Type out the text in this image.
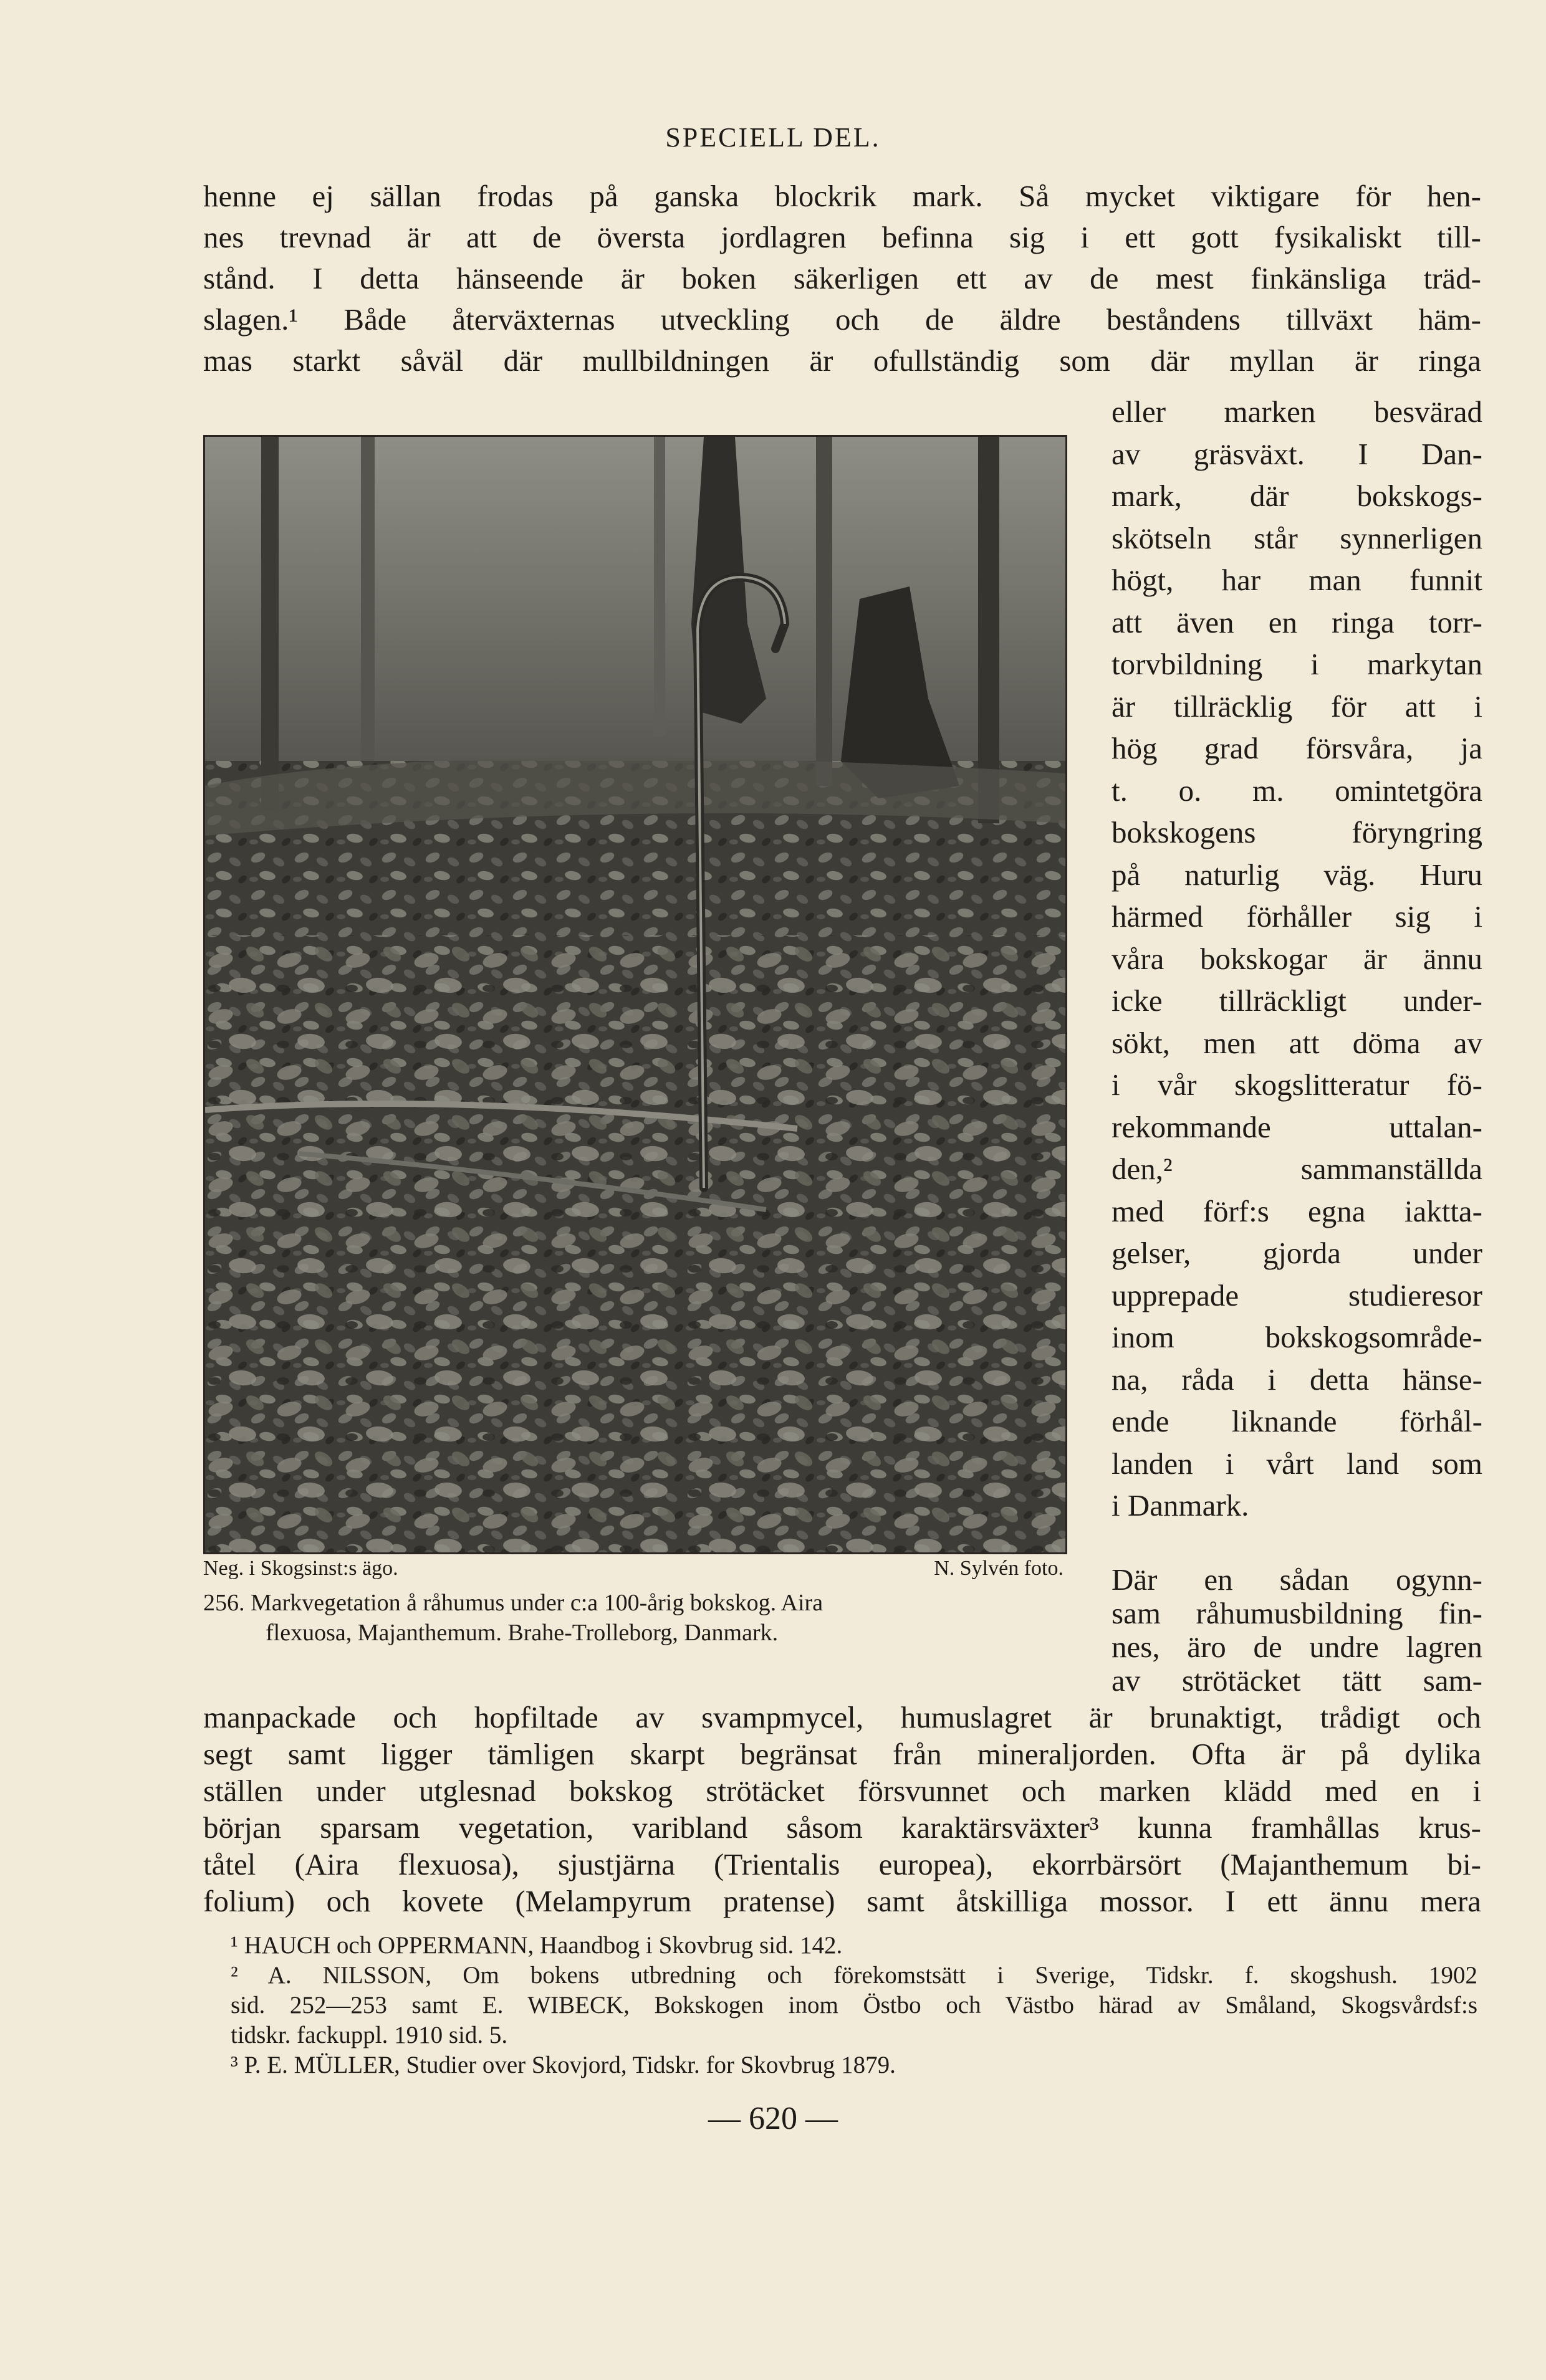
SPECIELL DEL.
henne ej sällan frodas på ganska blockrik mark. Så mycket viktigare för hen-
nes trevnad är att de översta jordlagren befinna sig i ett gott fysikaliskt till-
stånd. I detta hänseende är boken säkerligen ett av de mest finkänsliga träd-
slagen.¹ Både återväxternas utveckling och de äldre beståndens tillväxt häm-
mas starkt såväl där mullbildningen är ofullständig som där myllan är ringa
eller marken besvärad
av gräsväxt. I Dan-
mark, där bokskogs-
skötseln står synnerligen
högt, har man funnit
att även en ringa torr-
torvbildning i markytan
är tillräcklig för att i
hög grad försvåra, ja
t. o. m. omintetgöra
bokskogens föryngring
på naturlig väg. Huru
härmed förhåller sig i
våra bokskogar är ännu
icke tillräckligt under-
sökt, men att döma av
i vår skogslitteratur fö-
rekommande uttalan-
den,² sammanställda
med förf:s egna iaktta-
gelser, gjorda under
upprepade studieresor
inom bokskogsområde-
na, råda i detta hänse-
ende liknande förhål-
landen i vårt land som
i Danmark.
Neg. i Skogsinst:s ägo.	N. Sylvén foto.
256. Markvegetation å råhumus under c:a 100-årig bokskog. Aira
flexuosa, Majanthemum. Brahe-Trolleborg, Danmark.
Där en sådan ogynn-
sam råhumusbildning fin-
nes, äro de undre lagren
av strötäcket tätt sam-
manpackade och hopfiltade av svampmycel, humuslagret är brunaktigt, trådigt och
segt samt ligger tämligen skarpt begränsat från mineraljorden. Ofta är på dylika
ställen under utglesnad bokskog strötäcket försvunnet och marken klädd med en i
början sparsam vegetation, varibland såsom karaktärsväxter³ kunna framhållas krus-
tåtel (Aira flexuosa), sjustjärna (Trientalis europea), ekorrbärsört (Majanthemum bi-
folium) och kovete (Melampyrum pratense) samt åtskilliga mossor. I ett ännu mera
¹ HAUCH och OPPERMANN, Haandbog i Skovbrug sid. 142.
² A. NILSSON, Om bokens utbredning och förekomstsätt i Sverige, Tidskr. f. skogshush. 1902
sid. 252—253 samt E. WIBECK, Bokskogen inom Östbo och Västbo härad av Småland, Skogsvårdsf:s
tidskr. fackuppl. 1910 sid. 5.
³ P. E. MÜLLER, Studier over Skovjord, Tidskr. for Skovbrug 1879.
— 620 —
